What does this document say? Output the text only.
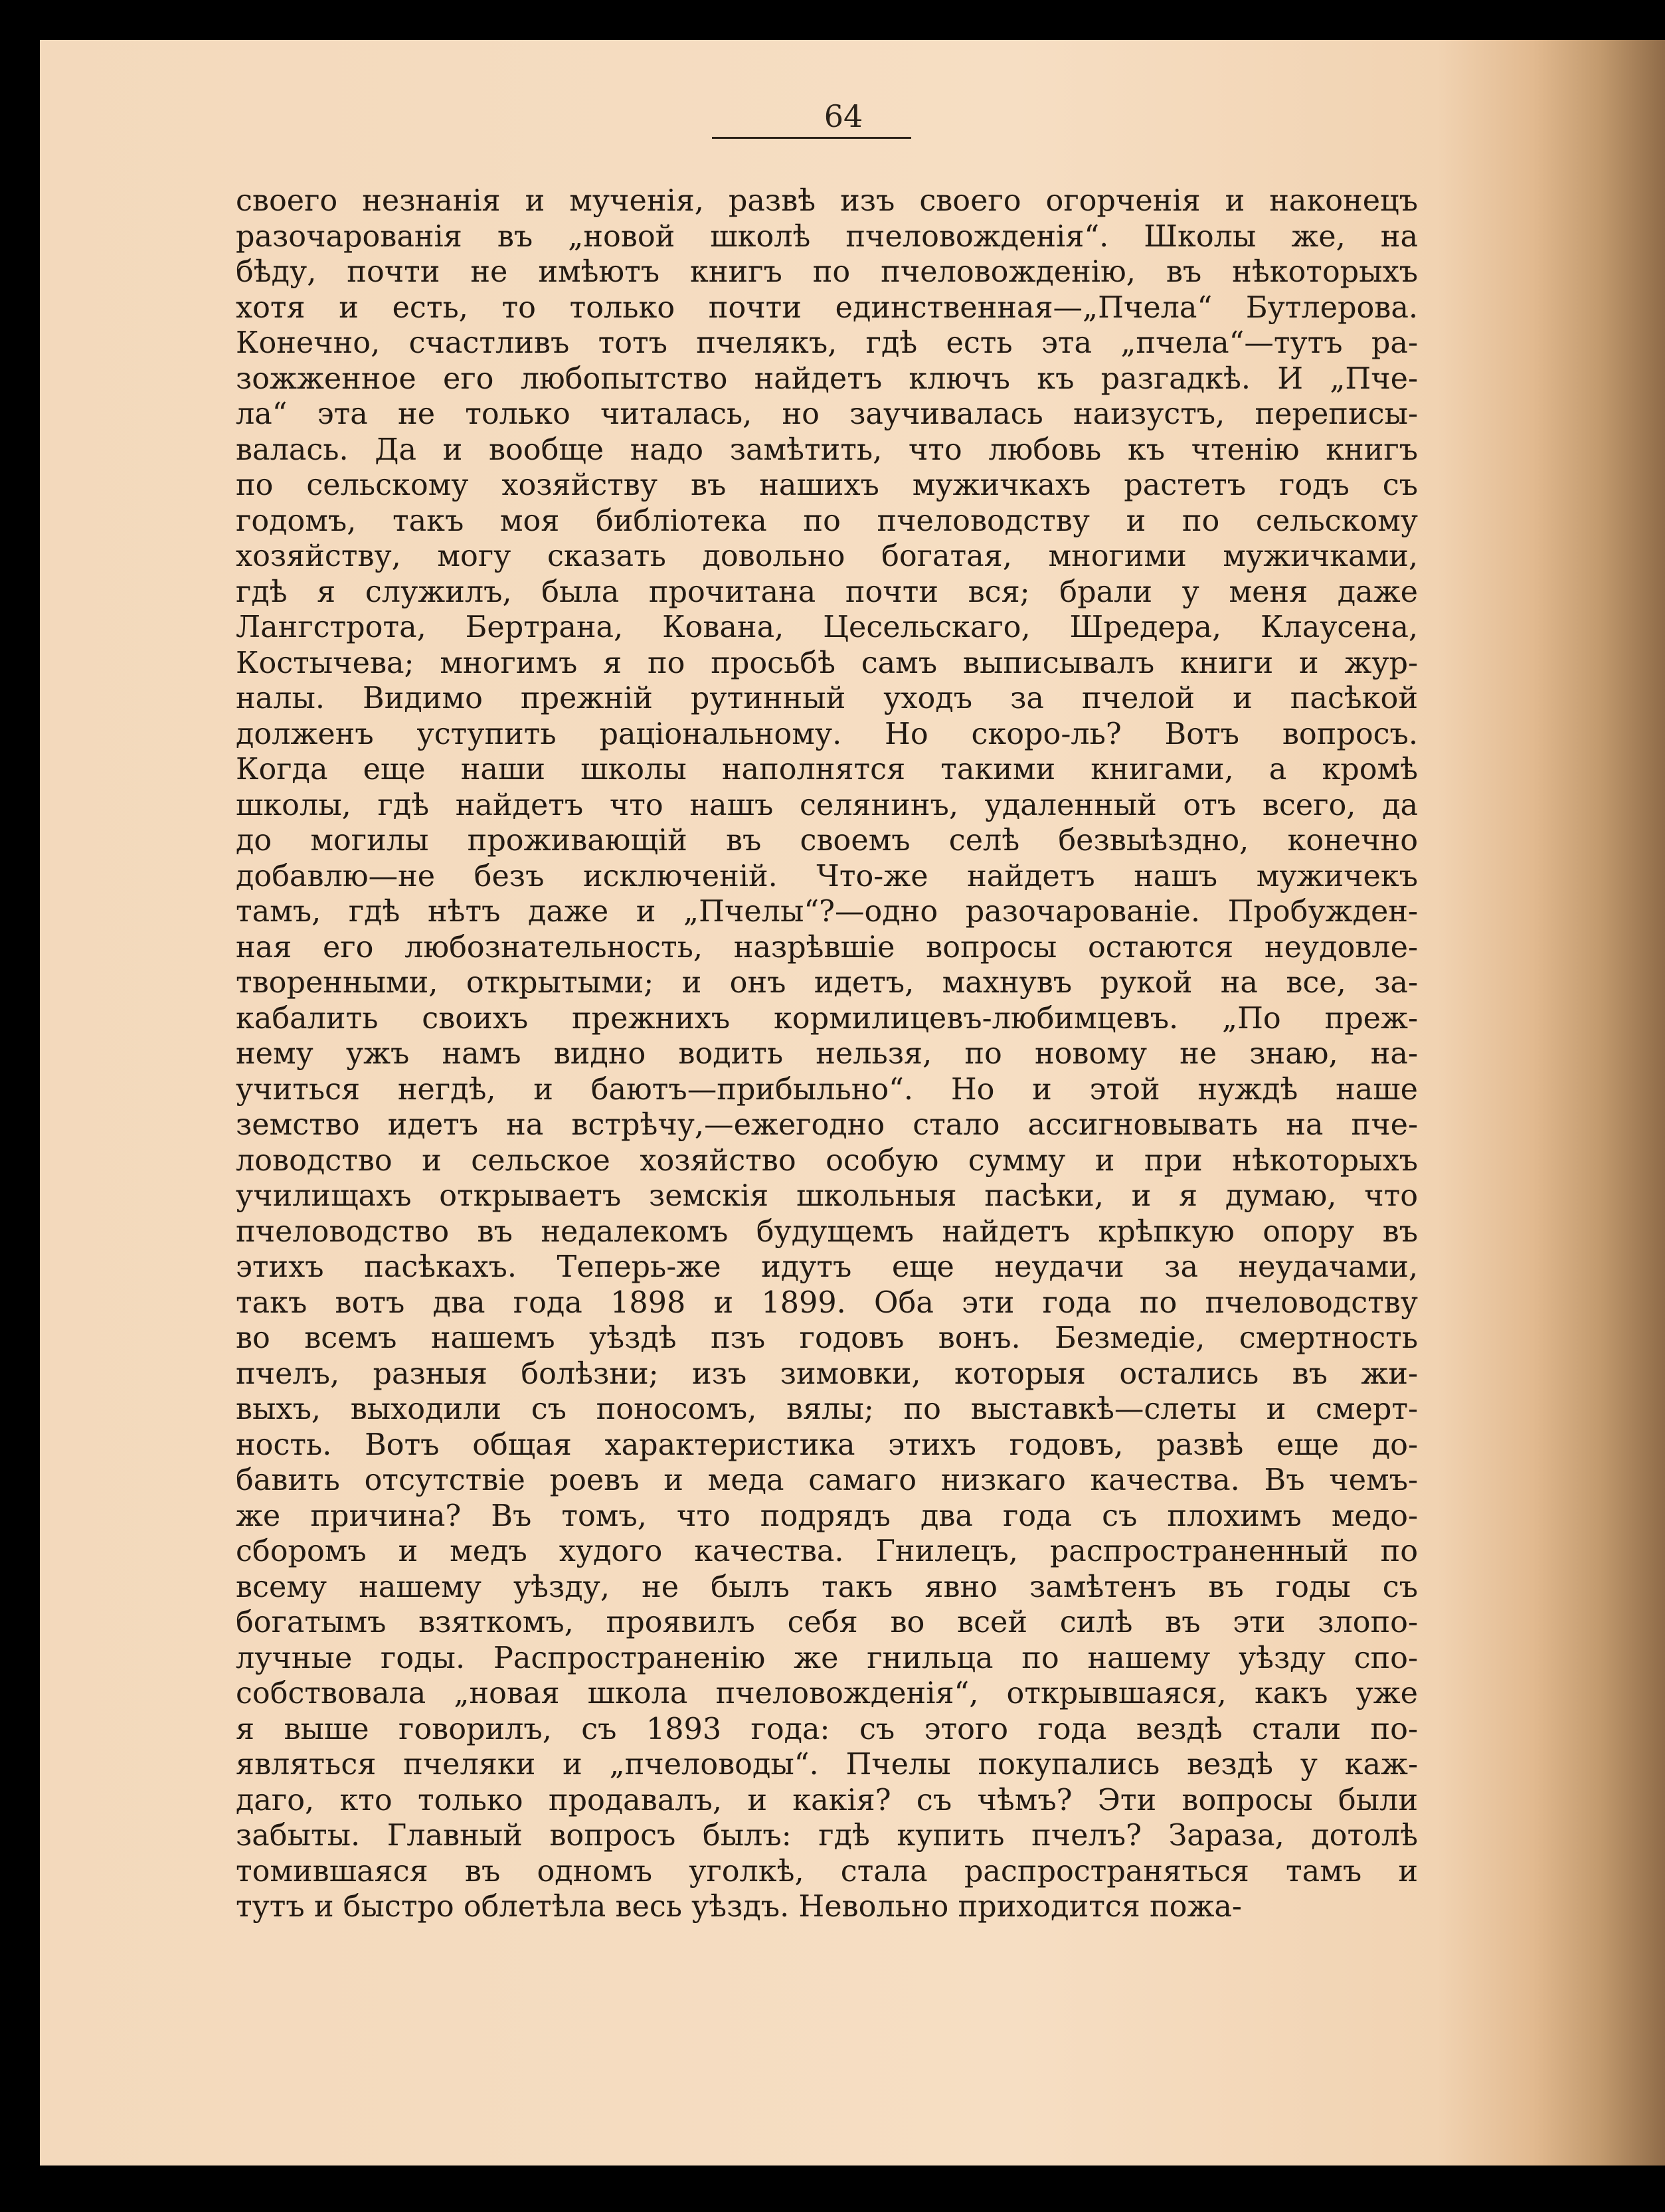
64
своего незнанія и мученія, развѣ изъ своего огорченія и наконецъ
разочарованія въ „новой школѣ пчеловожденія“. Школы же, на
бѣду, почти не имѣютъ книгъ по пчеловожденію, въ нѣкоторыхъ
хотя и есть, то только почти единственная—„Пчела“ Бутлерова.
Конечно, счастливъ тотъ пчелякъ, гдѣ есть эта „пчела“—тутъ ра-
зожженное его любопытство найдетъ ключъ къ разгадкѣ. И „Пче-
ла“ эта не только читалась, но заучивалась наизустъ, переписы-
валась. Да и вообще надо замѣтить, что любовь къ чтенію книгъ
по сельскому хозяйству въ нашихъ мужичкахъ растетъ годъ съ
годомъ, такъ моя библіотека по пчеловодству и по сельскому
хозяйству, могу сказать довольно богатая, многими мужичками,
гдѣ я служилъ, была прочитана почти вся; брали у меня даже
Лангстрота, Бертрана, Кована, Цесельскаго, Шредера, Клаусена,
Костычева; многимъ я по просьбѣ самъ выписывалъ книги и жур-
налы. Видимо прежній рутинный уходъ за пчелой и пасѣкой
долженъ уступить раціональному. Но скоро-ль? Вотъ вопросъ.
Когда еще наши школы наполнятся такими книгами, а кромѣ
школы, гдѣ найдетъ что нашъ селянинъ, удаленный отъ всего, да
до могилы проживающій въ своемъ селѣ безвыѣздно, конечно
добавлю—не безъ исключеній. Что-же найдетъ нашъ мужичекъ
тамъ, гдѣ нѣтъ даже и „Пчелы“?—одно разочарованіе. Пробужден-
ная его любознательность, назрѣвшіе вопросы остаются неудовле-
творенными, открытыми; и онъ идетъ, махнувъ рукой на все, за-
кабалить своихъ прежнихъ кормилицевъ-любимцевъ. „По преж-
нему ужъ намъ видно водить нельзя, по новому не знаю, на-
учиться негдѣ, и баютъ—прибыльно“. Но и этой нуждѣ наше
земство идетъ на встрѣчу,—ежегодно стало ассигновывать на пче-
ловодство и сельское хозяйство особую сумму и при нѣкоторыхъ
училищахъ открываетъ земскія школьныя пасѣки, и я думаю, что
пчеловодство въ недалекомъ будущемъ найдетъ крѣпкую опору въ
этихъ пасѣкахъ. Теперь-же идутъ еще неудачи за неудачами,
такъ вотъ два года 1898 и 1899. Оба эти года по пчеловодству
во всемъ нашемъ уѣздѣ пзъ годовъ вонъ. Безмедіе, смертность
пчелъ, разныя болѣзни; изъ зимовки, которыя остались въ жи-
выхъ, выходили съ поносомъ, вялы; по выставкѣ—слеты и смерт-
ность. Вотъ общая характеристика этихъ годовъ, развѣ еще до-
бавить отсутствіе роевъ и меда самаго низкаго качества. Въ чемъ-
же причина? Въ томъ, что подрядъ два года съ плохимъ медо-
сборомъ и медъ худого качества. Гнилецъ, распространенный по
всему нашему уѣзду, не былъ такъ явно замѣтенъ въ годы съ
богатымъ взяткомъ, проявилъ себя во всей силѣ въ эти злопо-
лучные годы. Распространенію же гнильца по нашему уѣзду спо-
собствовала „новая школа пчеловожденія“, открывшаяся, какъ уже
я выше говорилъ, съ 1893 года: съ этого года вездѣ стали по-
являться пчеляки и „пчеловоды“. Пчелы покупались вездѣ у каж-
даго, кто только продавалъ, и какія? съ чѣмъ? Эти вопросы были
забыты. Главный вопросъ былъ: гдѣ купить пчелъ? Зараза, дотолѣ
томившаяся въ одномъ уголкѣ, стала распространяться тамъ и
тутъ и быстро облетѣла весь уѣздъ. Невольно приходится пожа-
